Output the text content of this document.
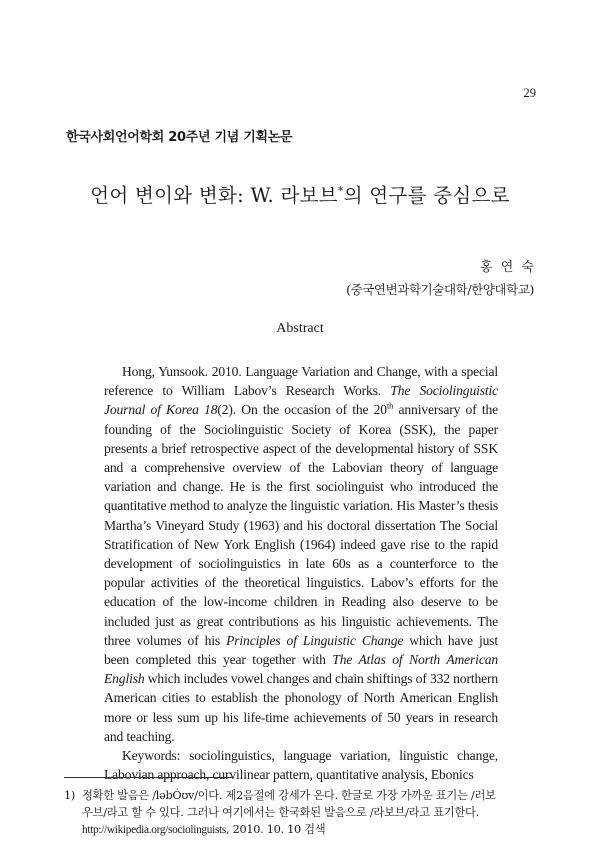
29
한국사회언어학회 20주년 기념 기획논문
언어 변이와 변화: W. 라보브*의 연구를 중심으로
홍 연 숙
(중국연변과학기술대학/한양대학교)
Abstract

Hong, Yunsook. 2010. Language Variation and Change, with a special reference to William Labov’s Research Works. The Sociolinguistic Journal of Korea 18(2). On the occasion of the 20th anniversary of the founding of the Sociolinguistic Society of Korea (SSK), the paper presents a brief retrospective aspect of the developmental history of SSK and a comprehensive overview of the Labovian theory of language variation and change. He is the first sociolinguist who introduced the quantitative method to analyze the linguistic variation. His Master’s thesis Martha’s Vineyard Study (1963) and his doctoral dissertation The Social Stratification of New York English (1964) indeed gave rise to the rapid development of sociolinguistics in late 60s as a counterforce to the popular activities of the theoretical linguistics. Labov’s efforts for the education of the low-income children in Reading also deserve to be included just as great contributions as his linguistic achievements. The three volumes of his Principles of Linguistic Change which have just been completed this year together with The Atlas of North American English which includes vowel changes and chain shiftings of 332 northern American cities to establish the phonology of North American English more or less sum up his life-time achievements of 50 years in research and teaching.

Keywords: sociolinguistics, language variation, linguistic change, Labovian approach, curvilinear pattern, quantitative analysis, Ebonics

1) 정확한 발음은 /ləbÓʊv/이다. 제2음절에 강세가 온다. 한글로 가장 가까운 표기는 /러보
우브/라고 할 수 있다. 그러나 여기에서는 한국화된 발음으로 /라보브/라고 표기한다.
http://wikipedia.org/sociolinguists, 2010. 10. 10 검색
